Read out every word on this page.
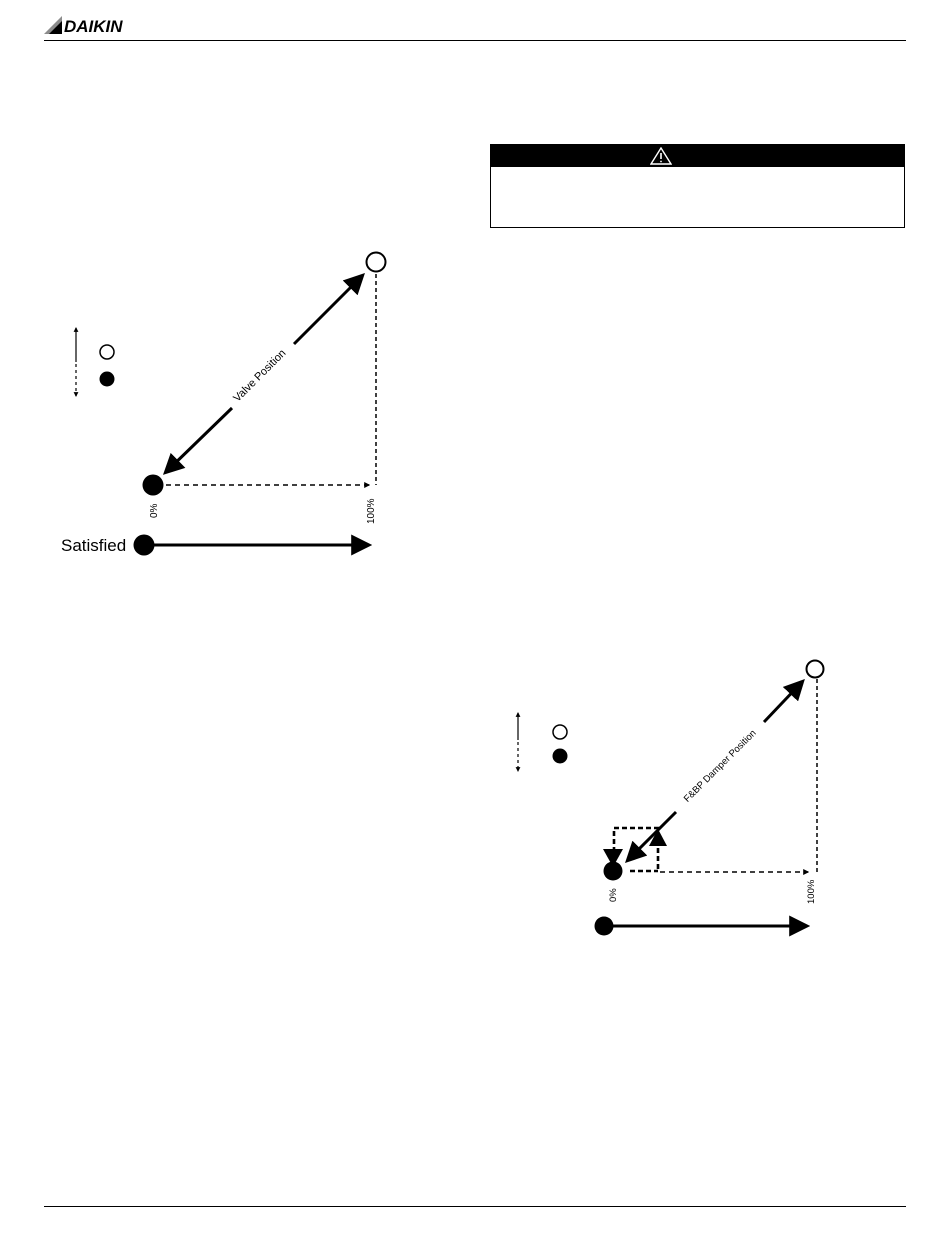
DAIKIN
Valve Position
0%	100%
Satisfied
F&BP Damper Position
0%	100%
